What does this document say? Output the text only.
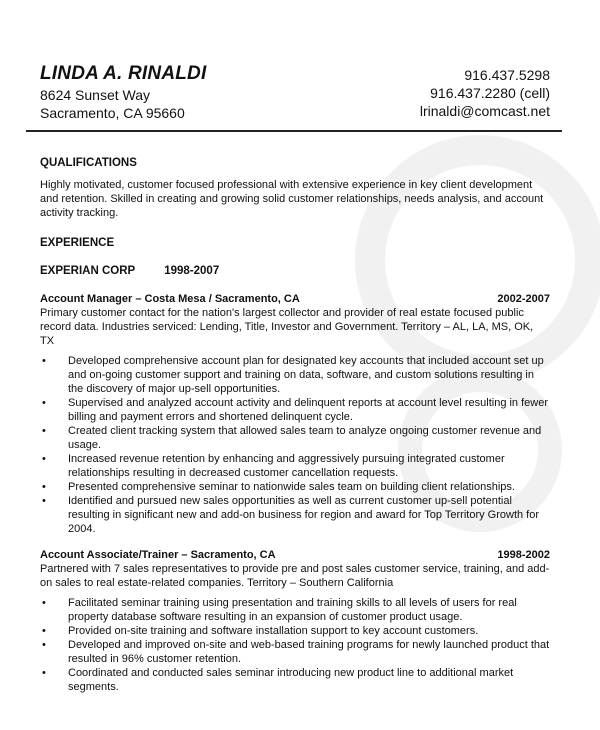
LINDA A. RINALDI
8624 Sunset Way
Sacramento, CA 95660
916.437.5298
916.437.2280 (cell)
lrinaldi@comcast.net
QUALIFICATIONS
Highly motivated, customer focused professional with extensive experience in key client development and retention. Skilled in creating and growing solid customer relationships, needs analysis, and account activity tracking.
EXPERIENCE
EXPERIAN CORP	1998-2007
Account Manager – Costa Mesa / Sacramento, CA	2002-2007
Primary customer contact for the nation's largest collector and provider of real estate focused public record data. Industries serviced: Lending, Title, Investor and Government. Territory – AL, LA, MS, OK, TX
• Developed comprehensive account plan for designated key accounts that included account set up and on-going customer support and training on data, software, and custom solutions resulting in the discovery of major up-sell opportunities.
• Supervised and analyzed account activity and delinquent reports at account level resulting in fewer billing and payment errors and shortened delinquent cycle.
• Created client tracking system that allowed sales team to analyze ongoing customer revenue and usage.
• Increased revenue retention by enhancing and aggressively pursuing integrated customer relationships resulting in decreased customer cancellation requests.
• Presented comprehensive seminar to nationwide sales team on building client relationships.
• Identified and pursued new sales opportunities as well as current customer up-sell potential resulting in significant new and add-on business for region and award for Top Territory Growth for 2004.
Account Associate/Trainer – Sacramento, CA	1998-2002
Partnered with 7 sales representatives to provide pre and post sales customer service, training, and add-on sales to real estate-related companies. Territory – Southern California
• Facilitated seminar training using presentation and training skills to all levels of users for real property database software resulting in an expansion of customer product usage.
• Provided on-site training and software installation support to key account customers.
• Developed and improved on-site and web-based training programs for newly launched product that resulted in 96% customer retention.
• Coordinated and conducted sales seminar introducing new product line to additional market segments.
